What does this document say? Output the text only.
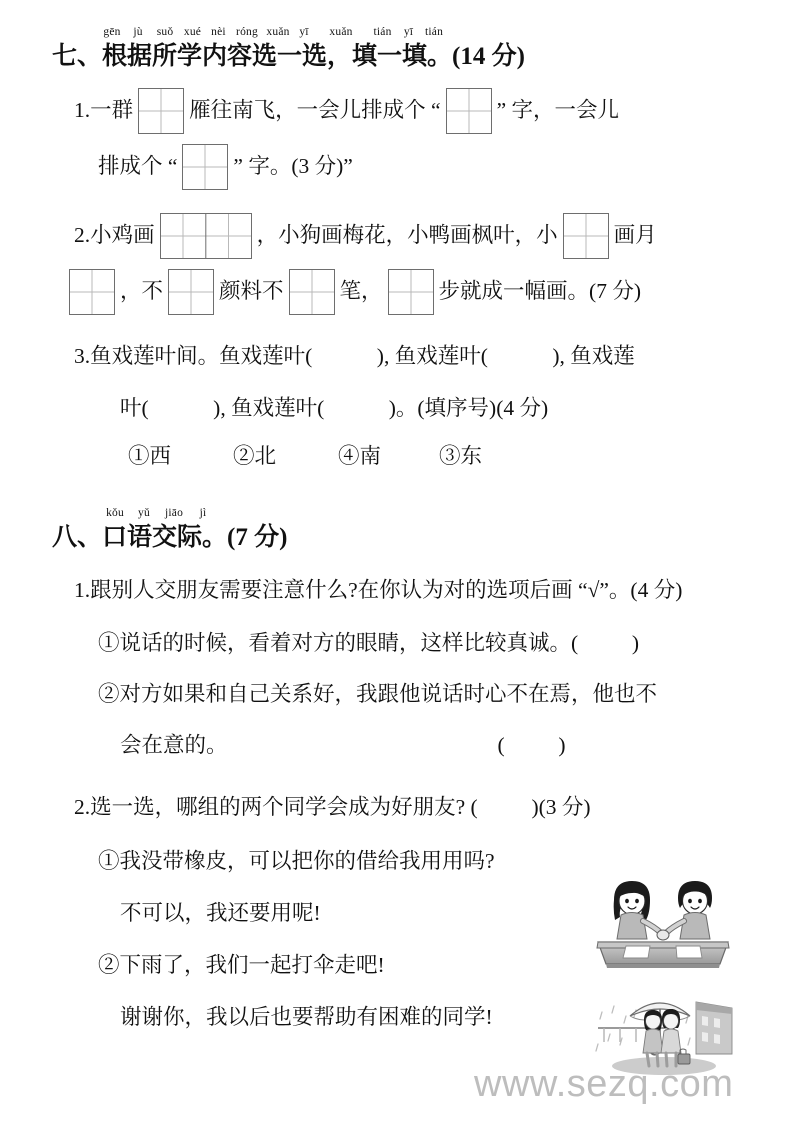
gēn jù suǒ xué nèi róng xuǎn yī xuǎn tián yī tián
七、根据所学内容选一选，填一填。(14 分)
1. 一群	雁往南飞，一会儿排成个 “	” 字，一会儿
排成个 “	” 字。(3 分)”
2. 小鸡画	，小狗画梅花，小鸭画枫叶，小	画月
，不	颜料不	笔，	步就成一幅画。(7 分)
3. 鱼戏莲叶间。鱼戏莲叶(            ), 鱼戏莲叶(            ), 鱼戏莲
叶(            ), 鱼戏莲叶(            )。(填序号)(4 分)
①西	②北	④南	③东
kǒu yǔ jiāo jì
八、口语交际。(7 分)
1. 跟别人交朋友需要注意什么?在你认为对的选项后画 “√”。(4 分)
①说话的时候，看着对方的眼睛，这样比较真诚。(          )
②对方如果和自己关系好，我跟他说话时心不在焉，他也不
会在意的。	(          )
2. 选一选，哪组的两个同学会成为好朋友? (          )(3 分)
①我没带橡皮，可以把你的借给我用用吗?
不可以，我还要用呢!
②下雨了，我们一起打伞走吧!
谢谢你，我以后也要帮助有困难的同学!
www.sezq.com
